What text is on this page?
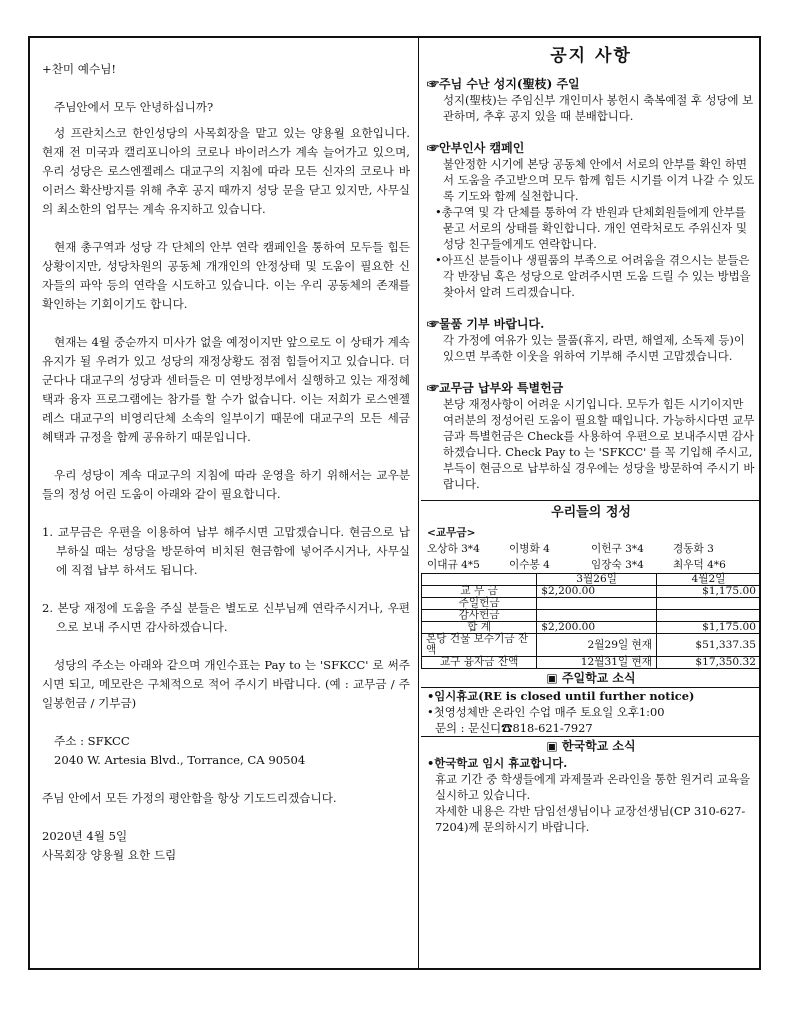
+찬미 예수님!

주님안에서 모두 안녕하십니까?

성 프란치스코 한인성당의 사목회장을 맡고 있는 양용월 요한입니다. 현재 전 미국과 캘리포니아의 코로나 바이러스가 계속 늘어가고 있으며, 우리 성당은 로스엔젤레스 대교구의 지침에 따라 모든 신자의 코로나 바이러스 확산방지를 위해 추후 공지 때까지 성당 문을 닫고 있지만, 사무실의 최소한의 업무는 계속 유지하고 있습니다.

현재 총구역과 성당 각 단체의 안부 연락 캠페인을 통하여 모두들 힘든 상황이지만, 성당차원의 공동체 개개인의 안정상태 및 도움이 필요한 신자들의 파악 등의 연락을 시도하고 있습니다. 이는 우리 공동체의 존재를 확인하는 기회이기도 합니다.

현재는 4월 중순까지 미사가 없을 예정이지만 앞으로도 이 상태가 계속 유지가 될 우려가 있고 성당의 재정상황도 점점 힘들어지고 있습니다. 더군다나 대교구의 성당과 센터들은 미 연방정부에서 실행하고 있는 재정혜택과 융자 프로그램에는 참가를 할 수가 없습니다. 이는 저희가 로스엔젤레스 대교구의 비영리단체 소속의 일부이기 때문에 대교구의 모든 세금 혜택과 규정을 함께 공유하기 때문입니다.

우리 성당이 계속 대교구의 지침에 따라 운영을 하기 위해서는 교우분들의 정성 어린 도움이 아래와 같이 필요합니다.

1. 교무금은 우편을 이용하여 납부 해주시면 고맙겠습니다. 현금으로 납부하실 때는 성당을 방문하여 비치된 현금함에 넣어주시거나, 사무실에 직접 납부 하셔도 됩니다.

2. 본당 재정에 도움을 주실 분들은 별도로 신부님께 연락주시거나, 우편으로 보내 주시면 감사하겠습니다.

성당의 주소는 아래와 같으며 개인수표는 Pay to 는 'SFKCC' 로 써주시면 되고, 메모란은 구체적으로 적어 주시기 바랍니다. (예 : 교무금 / 주일봉헌금 / 기부금)

주소 : SFKCC

2040 W. Artesia Blvd., Torrance, CA 90504

주님 안에서 모든 가정의 평안함을 항상 기도드리겠습니다.

2020년 4월 5일

사목회장 양용월 요한 드림

공지 사항
☞주님 수난 성지(聖枝) 주일
성지(聖枝)는 주임신부 개인미사 봉헌시 축복예절 후 성당에 보관하며, 추후 공지 있을 때 분배합니다.
☞안부인사 캠페인
불안정한 시기에 본당 공동체 안에서 서로의 안부를 확인 하면서 도움을 주고받으며 모두 함께 힘든 시기를 이겨 나갈 수 있도록 기도와 함께 실천합니다.
•총구역 및 각 단체를 통하여 각 반원과 단체회원들에게 안부를 묻고 서로의 상태를 확인합니다. 개인 연락처로도 주위신자 및 성당 친구들에게도 연락합니다.
•아프신 분들이나 생필품의 부족으로 어려움을 겪으시는 분들은 각 반장님 혹은 성당으로 알려주시면 도움 드릴 수 있는 방법을 찾아서 알려 드리겠습니다.
☞물품 기부 바랍니다.
각 가정에 여유가 있는 물품(휴지, 라면, 해열제, 소독제 등)이 있으면 부족한 이웃을 위하여 기부해 주시면 고맙겠습니다.
☞교무금 납부와 특별헌금
본당 재정사항이 어려운 시기입니다. 모두가 힘든 시기이지만 여러분의 정성어린 도움이 필요할 때입니다. 가능하시다면 교무금과 특별헌금은 Check를 사용하여 우편으로 보내주시면 감사하겠습니다. Check Pay to 는 'SFKCC' 를 꼭 기입해 주시고, 부득이 현금으로 납부하실 경우에는 성당을 방문하여 주시기 바랍니다.
우리들의 정성
<교무금>
오상하 3*4	이병화 4	이헌구 3*4	경동화 3
이대규 4*5	이수봉 4	임장숙 3*4	최우덕 4*6
	3월26일	4월2일
교 무 금	$2,200.00	$1,175.00
주일헌금		
감사헌금		
합 계	$2,200.00	$1,175.00
본당 건물 보수기금 잔액	2월29일 현재	$51,337.35
교구 융자금 잔액	12월31일 현재	$17,350.32
▣ 주일학교 소식
•임시휴교(RE is closed until further notice)
•첫영성체반 온라인 수업 매주 토요일 오후1:00
문의 : 문신디☎818-621-7927
▣ 한국학교 소식
•한국학교 임시 휴교합니다.
휴교 기간 중 학생들에게 과제물과 온라인을 통한 원거리 교육을 실시하고 있습니다.
자세한 내용은 각반 담임선생님이나 교장선생님(CP 310-627-7204)께 문의하시기 바랍니다.
